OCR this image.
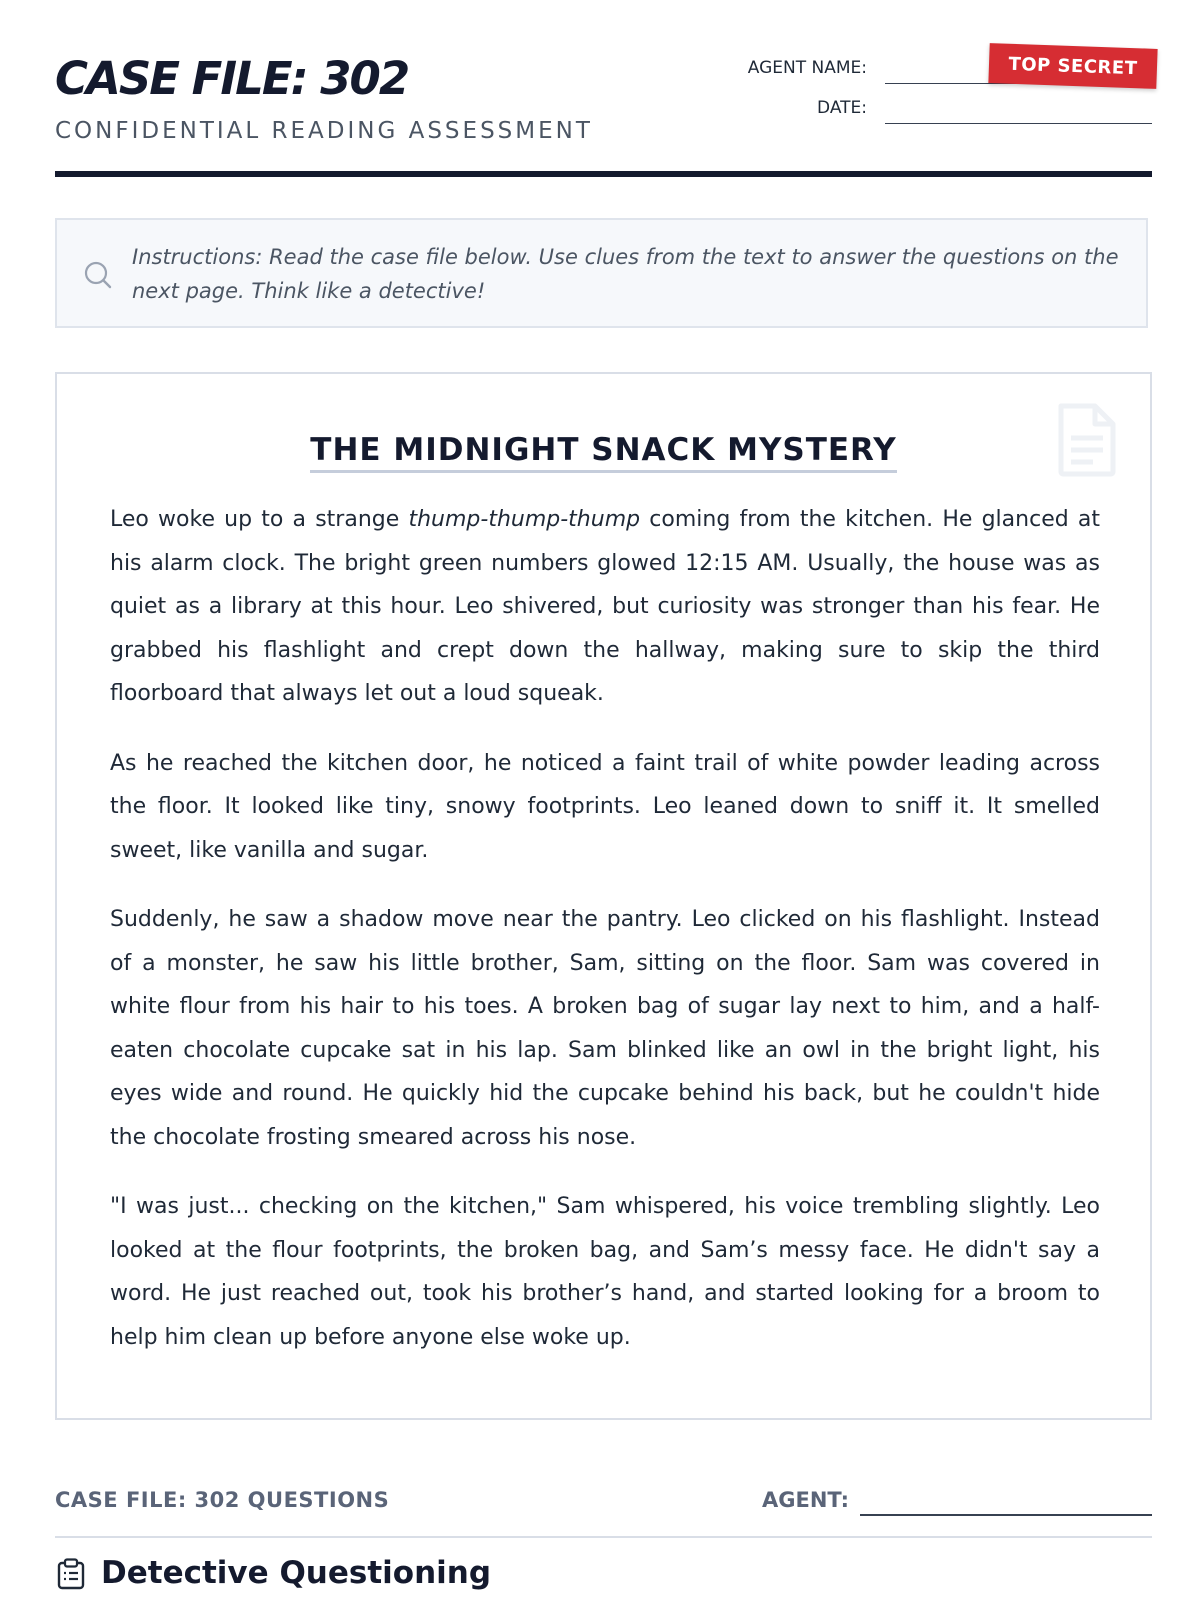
CASE FILE: 302
CONFIDENTIAL READING ASSESSMENT
AGENT NAME:
DATE:
TOP SECRET
Instructions: Read the case file below. Use clues from the text to answer the questions on the next page. Think like a detective!
THE MIDNIGHT SNACK MYSTERY

Leo woke up to a strange thump-thump-thump coming from the kitchen. He glanced at his alarm clock. The bright green numbers glowed 12:15 AM. Usually, the house was as quiet as a library at this hour. Leo shivered, but curiosity was stronger than his fear. He grabbed his flashlight and crept down the hallway, making sure to skip the third floorboard that always let out a loud squeak.

As he reached the kitchen door, he noticed a faint trail of white powder leading across the floor. It looked like tiny, snowy footprints. Leo leaned down to sniff it. It smelled sweet, like vanilla and sugar.

Suddenly, he saw a shadow move near the pantry. Leo clicked on his flashlight. Instead of a monster, he saw his little brother, Sam, sitting on the floor. Sam was covered in white flour from his hair to his toes. A broken bag of sugar lay next to him, and a half-eaten chocolate cupcake sat in his lap. Sam blinked like an owl in the bright light, his eyes wide and round. He quickly hid the cupcake behind his back, but he couldn't hide the chocolate frosting smeared across his nose.

"I was just... checking on the kitchen," Sam whispered, his voice trembling slightly. Leo looked at the flour footprints, the broken bag, and Sam’s messy face. He didn't say a word. He just reached out, took his brother’s hand, and started looking for a broom to help him clean up before anyone else woke up.

CASE FILE: 302 QUESTIONS	AGENT:
Detective Questioning
